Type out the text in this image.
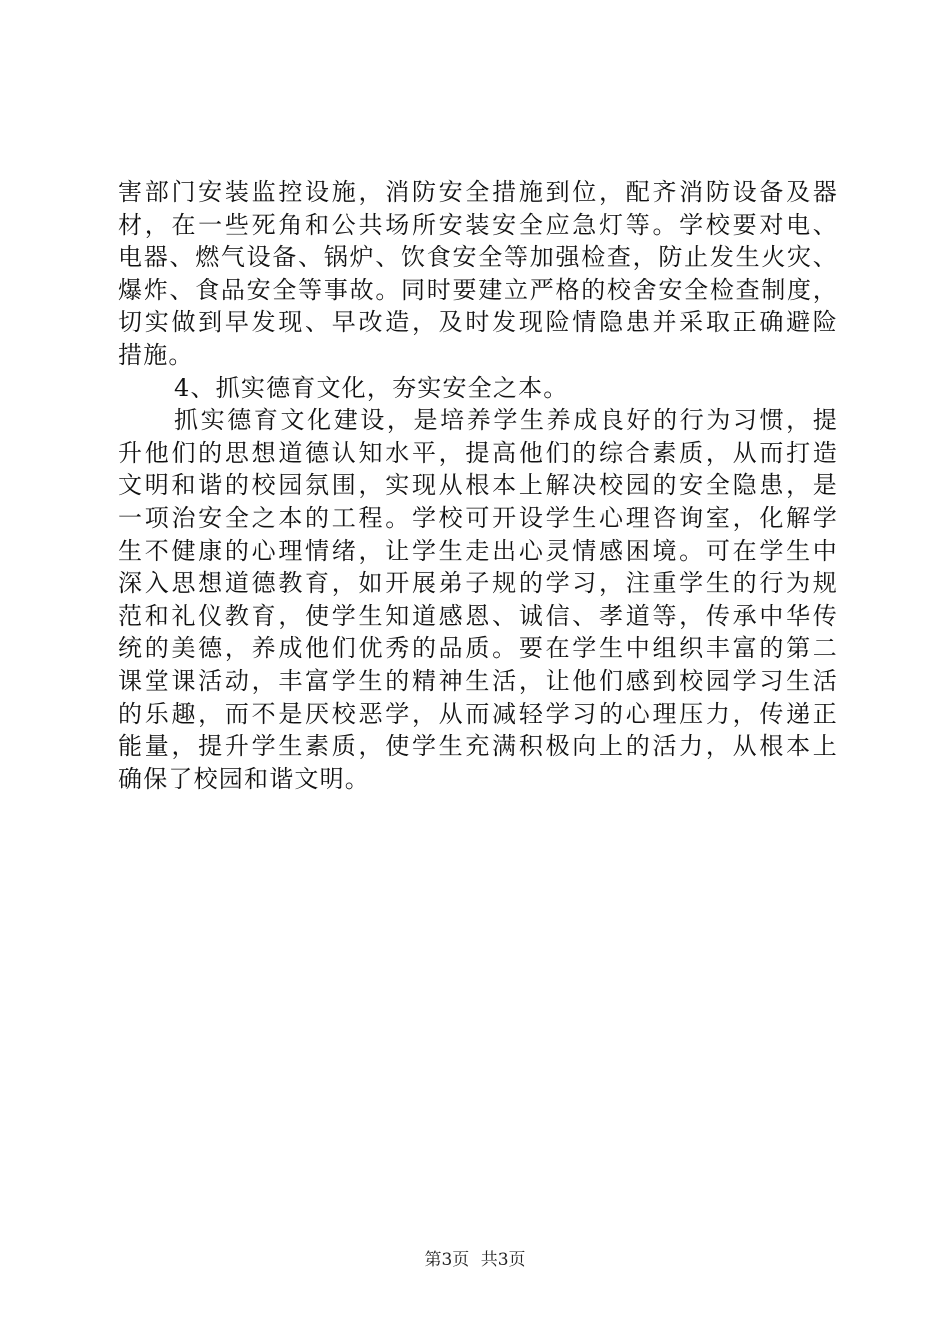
害部门安装监控设施，消防安全措施到位，配齐消防设备及器
材，在一些死角和公共场所安装安全应急灯等。学校要对电、
电器、燃气设备、锅炉、饮食安全等加强检查，防止发生火灾、
爆炸、食品安全等事故。同时要建立严格的校舍安全检查制度，
切实做到早发现、早改造，及时发现险情隐患并采取正确避险
措施。
4、抓实德育文化，夯实安全之本。
抓实德育文化建设，是培养学生养成良好的行为习惯，提
升他们的思想道德认知水平，提高他们的综合素质，从而打造
文明和谐的校园氛围，实现从根本上解决校园的安全隐患，是
一项治安全之本的工程。学校可开设学生心理咨询室，化解学
生不健康的心理情绪，让学生走出心灵情感困境。可在学生中
深入思想道德教育，如开展弟子规的学习，注重学生的行为规
范和礼仪教育，使学生知道感恩、诚信、孝道等，传承中华传
统的美德，养成他们优秀的品质。要在学生中组织丰富的第二
课堂课活动，丰富学生的精神生活，让他们感到校园学习生活
的乐趣，而不是厌校恶学，从而减轻学习的心理压力，传递正
能量，提升学生素质，使学生充满积极向上的活力，从根本上
确保了校园和谐文明。
第3页 共3页
